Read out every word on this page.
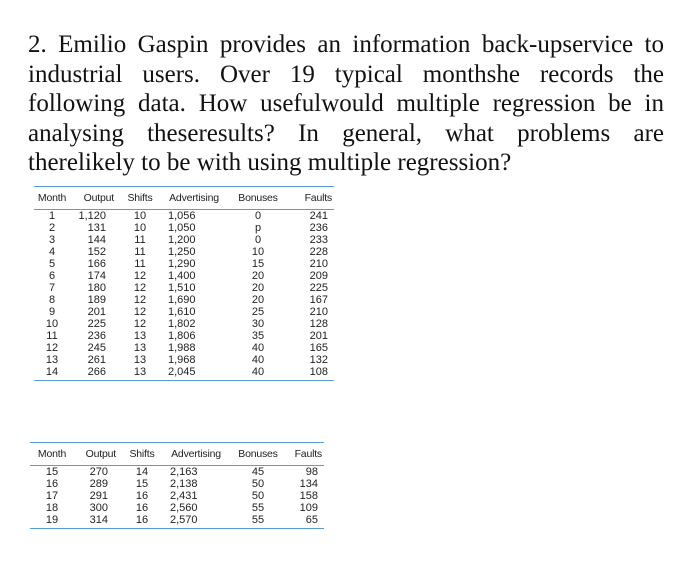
2. Emilio Gaspin provides an information back-upservice to industrial users. Over 19 typical monthshe records the following data. How usefulwould multiple regression be in analysing theseresults? In general, what problems are therelikely to be with using multiple regression?
Month	Output	Shifts	Advertising	Bonuses	Faults
1	1,120	10	1,056	0	241
2	131	10	1,050	p	236
3	144	11	1,200	0	233
4	152	11	1,250	10	228
5	166	11	1,290	15	210
6	174	12	1,400	20	209
7	180	12	1,510	20	225
8	189	12	1,690	20	167
9	201	12	1,610	25	210
10	225	12	1,802	30	128
11	236	13	1,806	35	201
12	245	13	1,988	40	165
13	261	13	1,968	40	132
14	266	13	2,045	40	108
Month	Output	Shifts	Advertising	Bonuses	Faults
15	270	14	2,163	45	98
16	289	15	2,138	50	134
17	291	16	2,431	50	158
18	300	16	2,560	55	109
19	314	16	2,570	55	65
